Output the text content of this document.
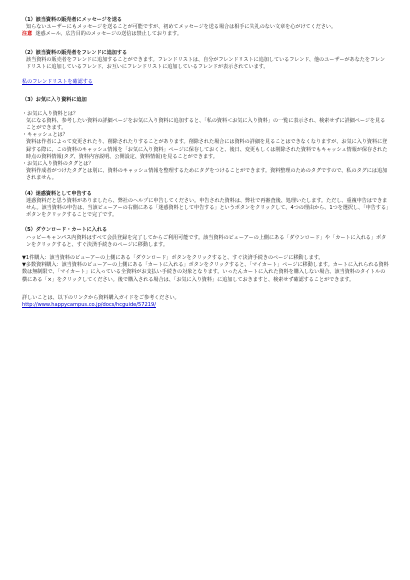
（1）該当資料の販売者にメッセージを送る

知らないユーザーにもメッセージを送ることが可能ですが、初めてメッセージを送る場合は相手に失礼のない文章を心がけてください。

注意 迷惑メール、広告目的のメッセージの送信は禁止しております。

（2）該当資料の販売者をフレンドに追加する

該当資料の販売者をフレンドに追加することができます。フレンドリストは、自分がフレンドリストに追加しているフレンド、他のユーザーがあなたをフレンドリストに追加しているフレンド、お互いにフレンドリストに追加しているフレンドが表示されています。

私のフレンドリストを確認する

（3）お気に入り資料に追加

・お気に入り資料とは？

気になる資料、参考したい資料の詳細ページをお気に入り資料に追加すると、「私の資料＜お気に入り資料」の一覧に表示され、検索せずに詳細ページを見ることができます。

・キャッシュとは？

資料は作者によって変更されたり、削除されたりすることがあります。削除された場合には資料の詳細を見ることはできなくなりますが、お気に入り資料に登録する際に、この資料のキャッシュ情報を「お気に入り資料」ページに保存しておくと、後日、変更もしくは削除された資料でもキャッシュ情報が保存された時点の資料情報(タグ、資料内容説明、公開設定、資料情報)を見ることができます。

・お気に入り資料のタグとは？

資料作成者がつけたタグとは別に、資料のキャッシュ情報を整理するためにタグをつけることができます。資料整理のためのタグですので、私のタグには追加されません。

（4）迷惑資料として申告する

迷惑資料だと思う資料がありましたら、弊社のヘルプに申告してください。申告された資料は、弊社で再審査後、処理いたします。ただし、重複申告はできません。該当資料の申告は、当該ビューアーの右側にある「迷惑資料として申告する」というボタンをクリックして、4つの理由から、1つを選択し、「申告する」ボタンをクリックすることで完了です。

（5）ダウンロード・カートに入れる

ハッピーキャンパス内資料はすべて会員登録を完了してからご利用可能です。該当資料のビューアーの上側にある「ダウンロード」や「カートに入れる」ボタンをクリックすると、すぐ決済手続きのページに移動します。

▼1件購入：該当資料のビューアーの上側にある「ダウンロード」ボタンをクリックすると、すぐ決済手続きのページに移動します。

▼多数資料購入：該当資料のビューアーの上側にある「カートに入れる」ボタンをクリックすると、「マイカート」ページに移動します。カートに入れられる資料数は無制限で、「マイカート」に入っている全資料がお支払い手続きの対象となります。いったんカートに入れた資料を購入しない場合、該当資料のタイトルの横にある「×」をクリックしてください。後で購入される場合は、「お気に入り資料」に追加しておきますと、検索せず確認することができます。

詳しいことは、以下のリンクから資料購入ガイドをご参考ください。

http://www.happycampus.co.jp/docs/hcguide/57219/
